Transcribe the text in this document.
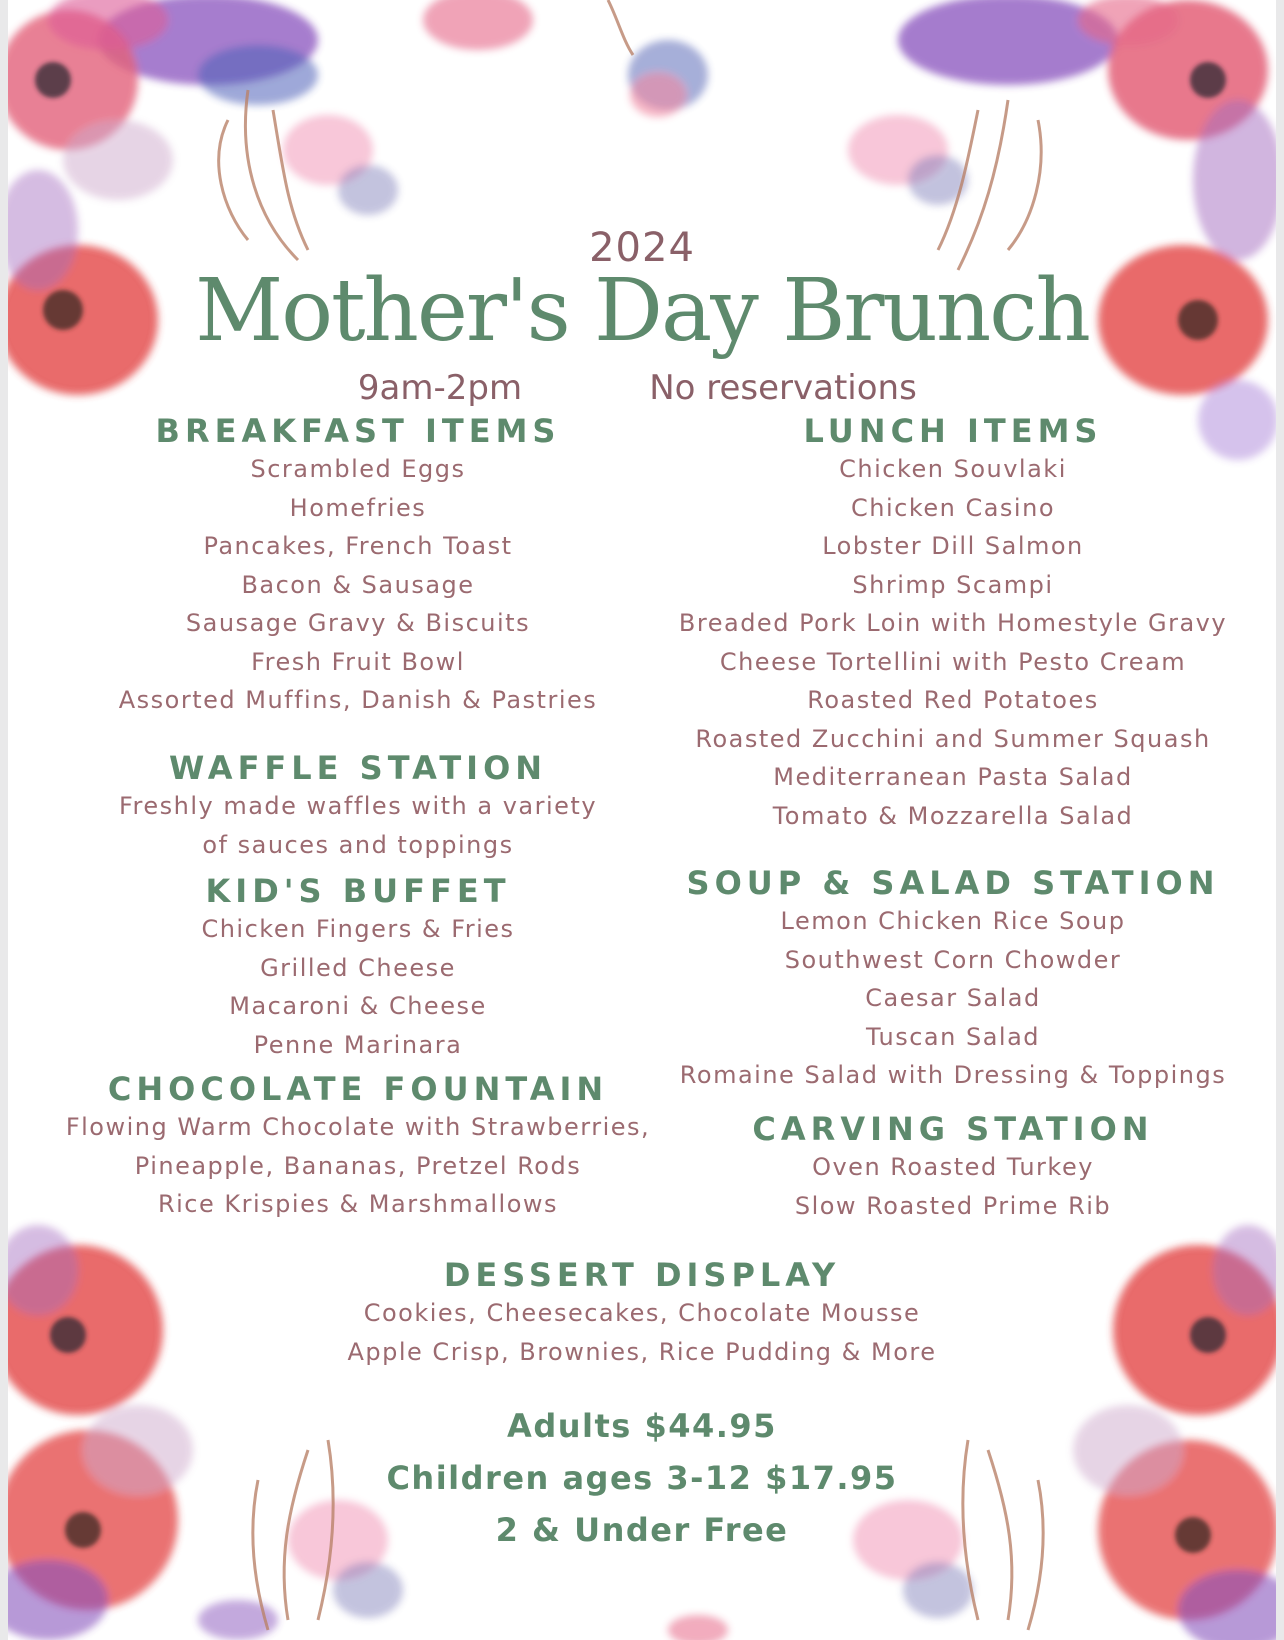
2024
Mother's Day Brunch
9am-2pm	No reservations
BREAKFAST ITEMS
Scrambled Eggs
Homefries
Pancakes, French Toast
Bacon & Sausage
Sausage Gravy & Biscuits
Fresh Fruit Bowl
Assorted Muffins, Danish & Pastries
WAFFLE STATION
Freshly made waffles with a variety
of sauces and toppings
KID'S BUFFET
Chicken Fingers & Fries
Grilled Cheese
Macaroni & Cheese
Penne Marinara
CHOCOLATE FOUNTAIN
Flowing Warm Chocolate with Strawberries,
Pineapple, Bananas, Pretzel Rods
Rice Krispies & Marshmallows
LUNCH ITEMS
Chicken Souvlaki
Chicken Casino
Lobster Dill Salmon
Shrimp Scampi
Breaded Pork Loin with Homestyle Gravy
Cheese Tortellini with Pesto Cream
Roasted Red Potatoes
Roasted Zucchini and Summer Squash
Mediterranean Pasta Salad
Tomato & Mozzarella Salad
SOUP & SALAD STATION
Lemon Chicken Rice Soup
Southwest Corn Chowder
Caesar Salad
Tuscan Salad
Romaine Salad with Dressing & Toppings
CARVING STATION
Oven Roasted Turkey
Slow Roasted Prime Rib
DESSERT DISPLAY
Cookies, Cheesecakes, Chocolate Mousse
Apple Crisp, Brownies, Rice Pudding & More
Adults $44.95
Children ages 3-12 $17.95
2 & Under Free
